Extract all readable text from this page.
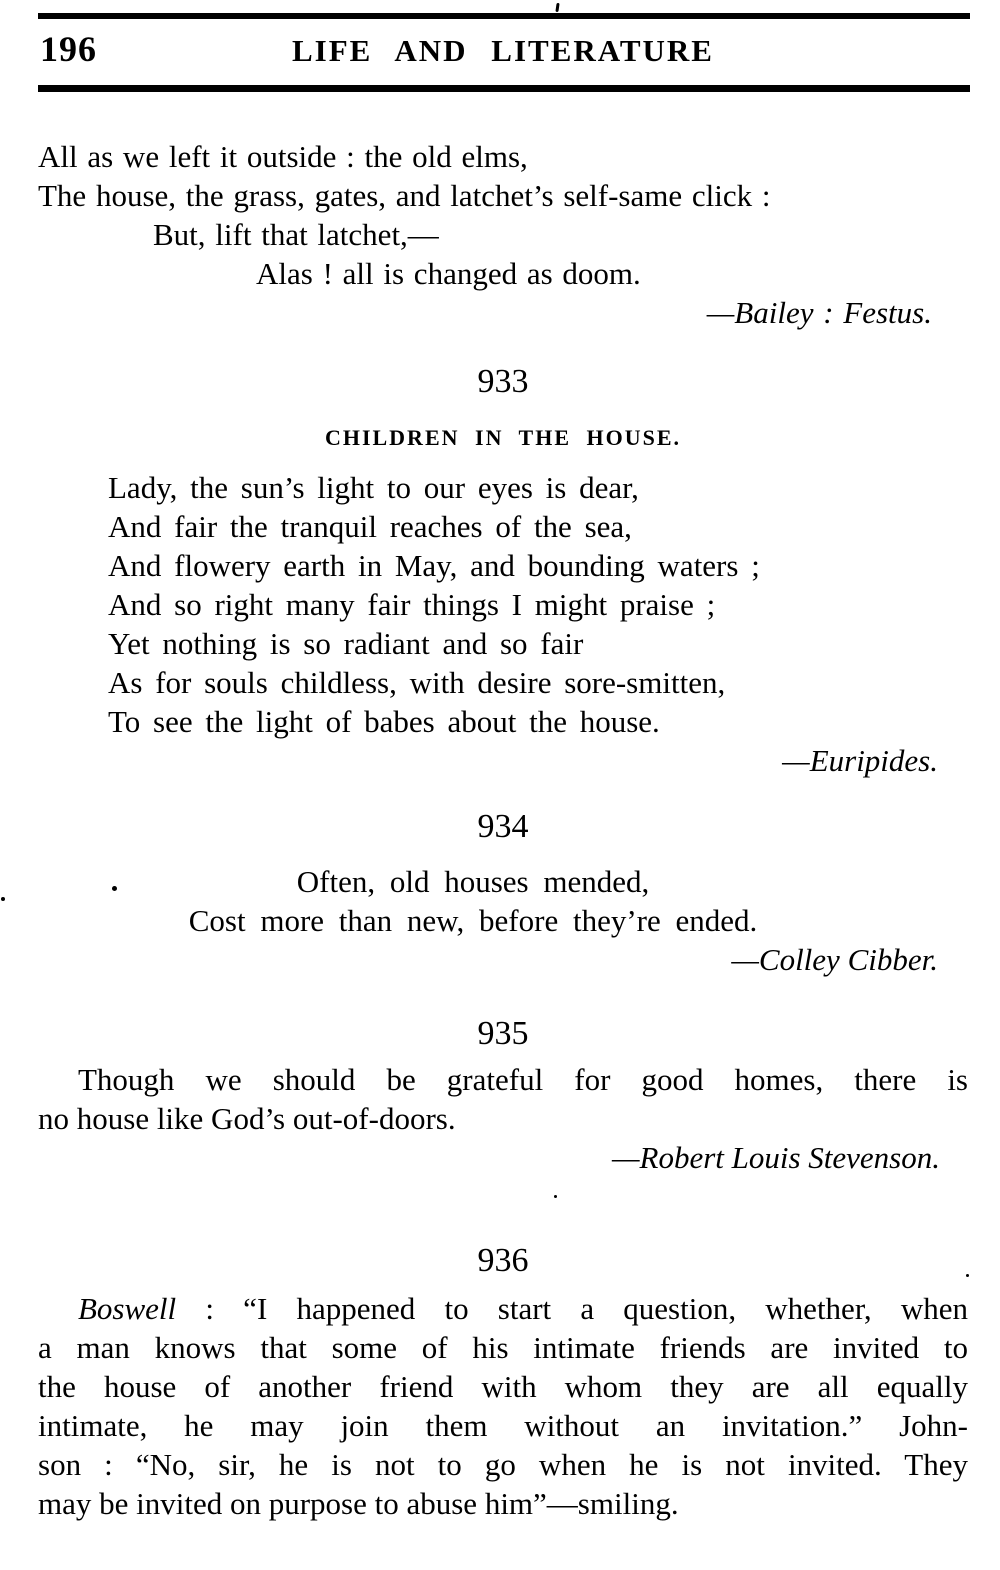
196	LIFE AND LITERATURE
All as we left it outside : the old elms,
The house, the grass, gates, and latchet’s self-same click :
But, lift that latchet,—
Alas ! all is changed as doom.
—Bailey : Festus.
933
CHILDREN IN THE HOUSE.
Lady, the sun’s light to our eyes is dear,
And fair the tranquil reaches of the sea,
And flowery earth in May, and bounding waters ;
And so right many fair things I might praise ;
Yet nothing is so radiant and so fair
As for souls childless, with desire sore-smitten,
To see the light of babes about the house.
—Euripides.
934
Often, old houses mended,
Cost more than new, before they’re ended.
—Colley Cibber.
935
Though we should be grateful for good homes, there is
no house like God’s out-of-doors.
—Robert Louis Stevenson.
936
Boswell : “I happened to start a question, whether, when
a man knows that some of his intimate friends are invited to
the house of another friend with whom they are all equally
intimate, he may join them without an invitation.” John-
son : “No, sir, he is not to go when he is not invited. They
may be invited on purpose to abuse him”—smiling.
